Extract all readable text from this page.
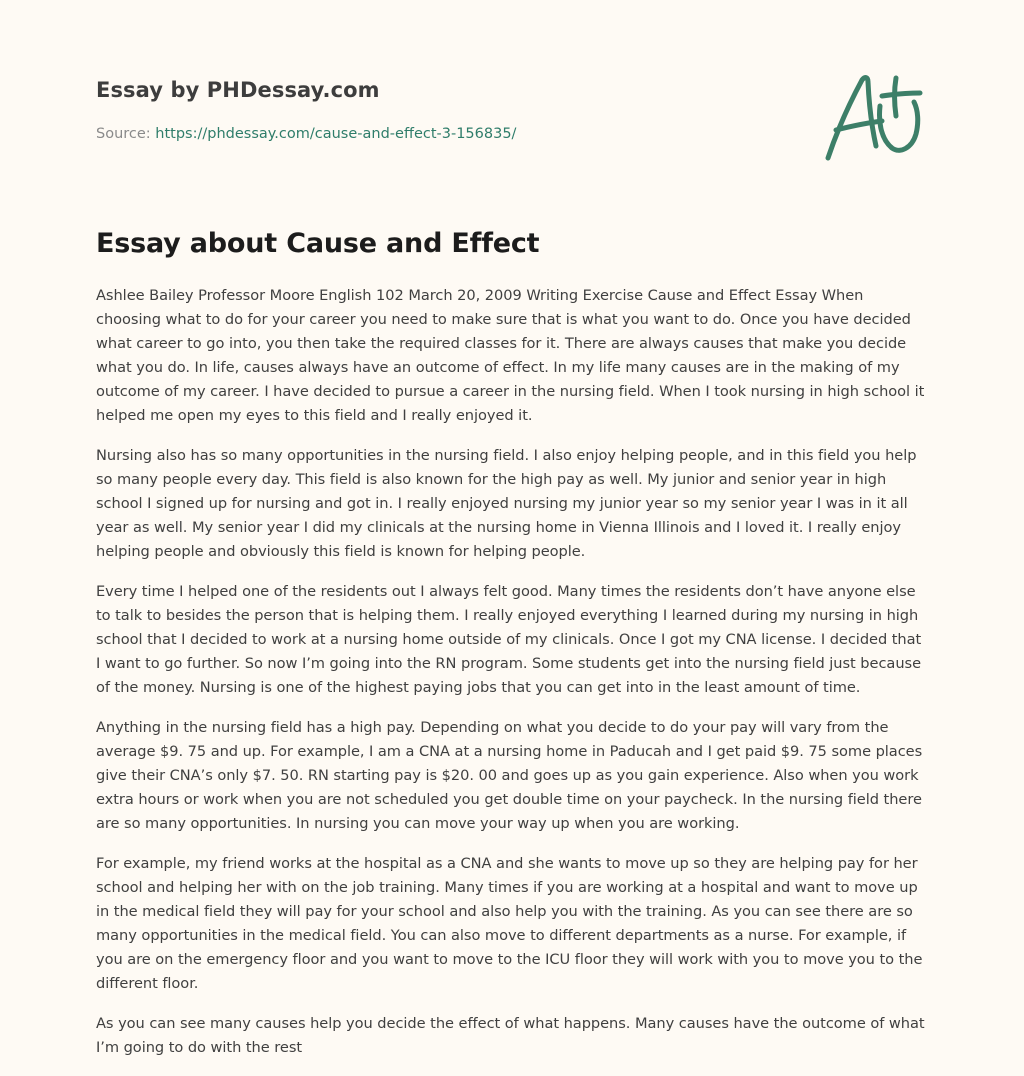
Essay by PHDessay.com
Source: https://phdessay.com/cause-and-effect-3-156835/
Essay about Cause and Effect

Ashlee Bailey Professor Moore English 102 March 20, 2009 Writing Exercise Cause and Effect Essay When choosing what to do for your career you need to make sure that is what you want to do. Once you have decided what career to go into, you then take the required classes for it. There are always causes that make you decide what you do. In life, causes always have an outcome of effect. In my life many causes are in the making of my outcome of my career. I have decided to pursue a career in the nursing field. When I took nursing in high school it helped me open my eyes to this field and I really enjoyed it.

Nursing also has so many opportunities in the nursing field. I also enjoy helping people, and in this field you help so many people every day. This field is also known for the high pay as well. My junior and senior year in high school I signed up for nursing and got in. I really enjoyed nursing my junior year so my senior year I was in it all year as well. My senior year I did my clinicals at the nursing home in Vienna Illinois and I loved it. I really enjoy helping people and obviously this field is known for helping people.

Every time I helped one of the residents out I always felt good. Many times the residents don’t have anyone else to talk to besides the person that is helping them. I really enjoyed everything I learned during my nursing in high school that I decided to work at a nursing home outside of my clinicals. Once I got my CNA license. I decided that I want to go further. So now I’m going into the RN program. Some students get into the nursing field just because of the money. Nursing is one of the highest paying jobs that you can get into in the least amount of time.

Anything in the nursing field has a high pay. Depending on what you decide to do your pay will vary from the average $9. 75 and up. For example, I am a CNA at a nursing home in Paducah and I get paid $9. 75 some places give their CNA’s only $7. 50. RN starting pay is $20. 00 and goes up as you gain experience. Also when you work extra hours or work when you are not scheduled you get double time on your paycheck. In the nursing field there are so many opportunities. In nursing you can move your way up when you are working.

For example, my friend works at the hospital as a CNA and she wants to move up so they are helping pay for her school and helping her with on the job training. Many times if you are working at a hospital and want to move up in the medical field they will pay for your school and also help you with the training. As you can see there are so many opportunities in the medical field. You can also move to different departments as a nurse. For example, if you are on the emergency floor and you want to move to the ICU floor they will work with you to move you to the different floor.

As you can see many causes help you decide the effect of what happens. Many causes have the outcome of what I’m going to do with the rest
